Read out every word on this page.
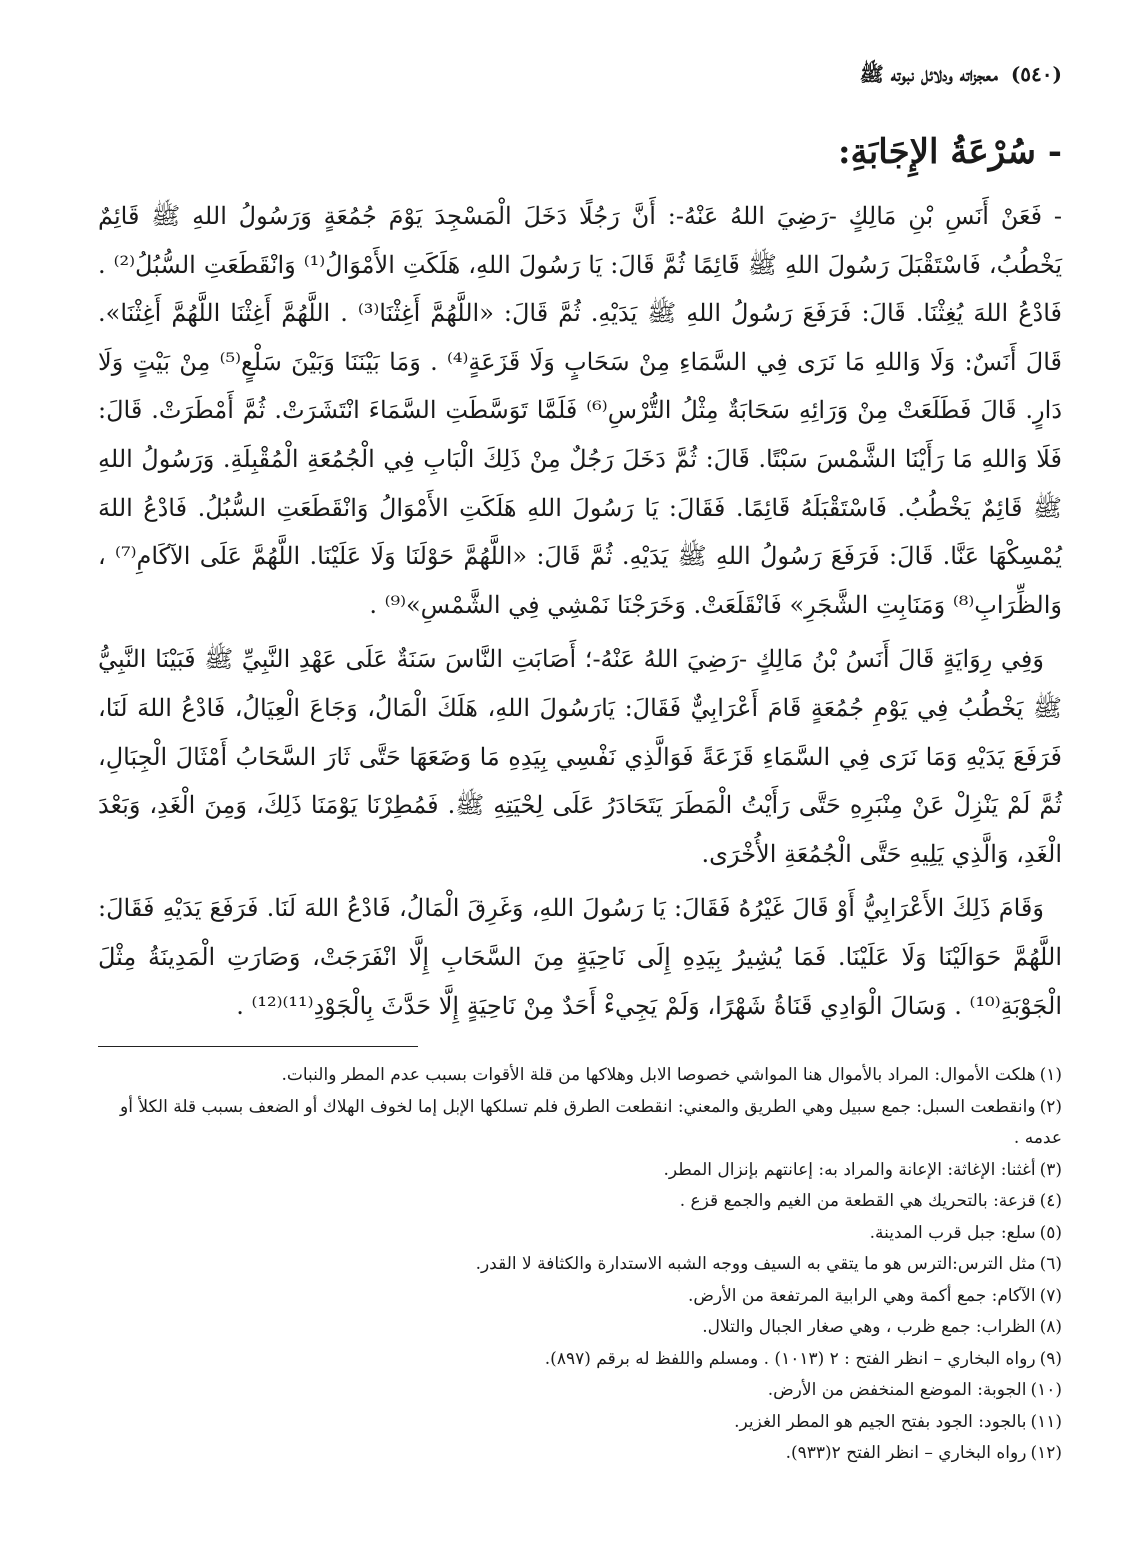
(٥٤٠) معجزاته ودلائل نبوته ﷺ
- سُرْعَةُ الإِجَابَةِ:

- فَعَنْ أَنَسِ بْنِ مَالِكٍ -رَضِيَ اللهُ عَنْهُ-: أَنَّ رَجُلًا دَخَلَ الْمَسْجِدَ يَوْمَ جُمُعَةٍ وَرَسُولُ اللهِ ﷺ قَائِمٌ يَخْطُبُ، فَاسْتَقْبَلَ رَسُولَ اللهِ ﷺ قَائِمًا ثُمَّ قَالَ: يَا رَسُولَ اللهِ، هَلَكَتِ الأَمْوَالُ⁽¹⁾ وَانْقَطَعَتِ السُّبُلُ⁽²⁾ . فَادْعُ اللهَ يُغِثْنَا. قَالَ: فَرَفَعَ رَسُولُ اللهِ ﷺ يَدَيْهِ. ثُمَّ قَالَ: «اللَّهُمَّ أَغِثْنَا⁽³⁾ . اللَّهُمَّ أَغِثْنَا اللَّهُمَّ أَغِثْنَا». قَالَ أَنَسٌ: وَلَا وَاللهِ مَا نَرَى فِي السَّمَاءِ مِنْ سَحَابٍ وَلَا قَزَعَةٍ⁽⁴⁾ . وَمَا بَيْنَنَا وَبَيْنَ سَلْعٍ⁽⁵⁾ مِنْ بَيْتٍ وَلَا دَارٍ. قَالَ فَطَلَعَتْ مِنْ وَرَائِهِ سَحَابَةٌ مِثْلُ التُّرْسِ⁽⁶⁾ فَلَمَّا تَوَسَّطَتِ السَّمَاءَ انْتَشَرَتْ. ثُمَّ أَمْطَرَتْ. قَالَ: فَلَا وَاللهِ مَا رَأَيْنَا الشَّمْسَ سَبْتًا. قَالَ: ثُمَّ دَخَلَ رَجُلٌ مِنْ ذَلِكَ الْبَابِ فِي الْجُمُعَةِ الْمُقْبِلَةِ. وَرَسُولُ اللهِ ﷺ قَائِمٌ يَخْطُبُ. فَاسْتَقْبَلَهُ قَائِمًا. فَقَالَ: يَا رَسُولَ اللهِ هَلَكَتِ الأَمْوَالُ وَانْقَطَعَتِ السُّبُلُ. فَادْعُ اللهَ يُمْسِكْهَا عَنَّا. قَالَ: فَرَفَعَ رَسُولُ اللهِ ﷺ يَدَيْهِ. ثُمَّ قَالَ: «اللَّهُمَّ حَوْلَنَا وَلَا عَلَيْنَا. اللَّهُمَّ عَلَى الآكَامِ⁽⁷⁾ ، وَالظِّرَابِ⁽⁸⁾ وَمَنَابِتِ الشَّجَرِ» فَانْقَلَعَتْ. وَخَرَجْنَا نَمْشِي فِي الشَّمْسِ»⁽⁹⁾ .

وَفِي رِوَايَةٍ قَالَ أَنَسُ بْنُ مَالِكٍ -رَضِيَ اللهُ عَنْهُ-؛ أَصَابَتِ النَّاسَ سَنَةٌ عَلَى عَهْدِ النَّبِيِّ ﷺ فَبَيْنَا النَّبِيُّ ﷺ يَخْطُبُ فِي يَوْمِ جُمُعَةٍ قَامَ أَعْرَابِيٌّ فَقَالَ: يَارَسُولَ اللهِ، هَلَكَ الْمَالُ، وَجَاعَ الْعِيَالُ، فَادْعُ اللهَ لَنَا، فَرَفَعَ يَدَيْهِ وَمَا نَرَى فِي السَّمَاءِ قَزَعَةً فَوَالَّذِي نَفْسِي بِيَدِهِ مَا وَضَعَهَا حَتَّى ثَارَ السَّحَابُ أَمْثَالَ الْجِبَالِ، ثُمَّ لَمْ يَنْزِلْ عَنْ مِنْبَرِهِ حَتَّى رَأَيْتُ الْمَطَرَ يَتَحَادَرُ عَلَى لِحْيَتِهِ ﷺ. فَمُطِرْنَا يَوْمَنَا ذَلِكَ، وَمِنَ الْغَدِ، وَبَعْدَ الْغَدِ، وَالَّذِي يَلِيهِ حَتَّى الْجُمُعَةِ الأُخْرَى.

وَقَامَ ذَلِكَ الأَعْرَابِيُّ أَوْ قَالَ غَيْرُهُ فَقَالَ: يَا رَسُولَ اللهِ، وَغَرِقَ الْمَالُ، فَادْعُ اللهَ لَنَا. فَرَفَعَ يَدَيْهِ فَقَالَ: اللَّهُمَّ حَوَالَيْنَا وَلَا عَلَيْنَا. فَمَا يُشِيرُ بِيَدِهِ إِلَى نَاحِيَةٍ مِنَ السَّحَابِ إِلَّا انْفَرَجَتْ، وَصَارَتِ الْمَدِينَةُ مِثْلَ الْجَوْبَةِ⁽¹⁰⁾ . وَسَالَ الْوَادِي قَنَاةُ شَهْرًا، وَلَمْ يَجِيءْ أَحَدٌ مِنْ نَاحِيَةٍ إِلَّا حَدَّثَ بِالْجَوْدِ⁽¹¹⁾⁽¹²⁾ .

(١)هلكت الأموال: المراد بالأموال هنا المواشي خصوصا الابل وهلاكها من قلة الأقوات بسبب عدم المطر والنبات.
(٢)وانقطعت السبل: جمع سبيل وهي الطريق والمعني: انقطعت الطرق فلم تسلكها الإبل إما لخوف الهلاك أو الضعف بسبب قلة الكلأ أو عدمه .
(٣)أغثنا: الإغاثة: الإعانة والمراد به: إعانتهم بإنزال المطر.
(٤)قزعة: بالتحريك هي القطعة من الغيم والجمع قزع .
(٥)سلع: جبل قرب المدينة.
(٦)مثل الترس:الترس هو ما يتقي به السيف ووجه الشبه الاستدارة والكثافة لا القدر.
(٧)الآكام: جمع أكمة وهي الرابية المرتفعة من الأرض.
(٨)الظراب: جمع ظرب ، وهي صغار الجبال والتلال.
(٩)رواه البخاري – انظر الفتح : ٢ (١٠١٣) . ومسلم واللفظ له برقم (٨٩٧).
(١٠)الجوبة: الموضع المنخفض من الأرض.
(١١)بالجود: الجود بفتح الجيم هو المطر الغزير.
(١٢)رواه البخاري – انظر الفتح ٢(٩٣٣).
